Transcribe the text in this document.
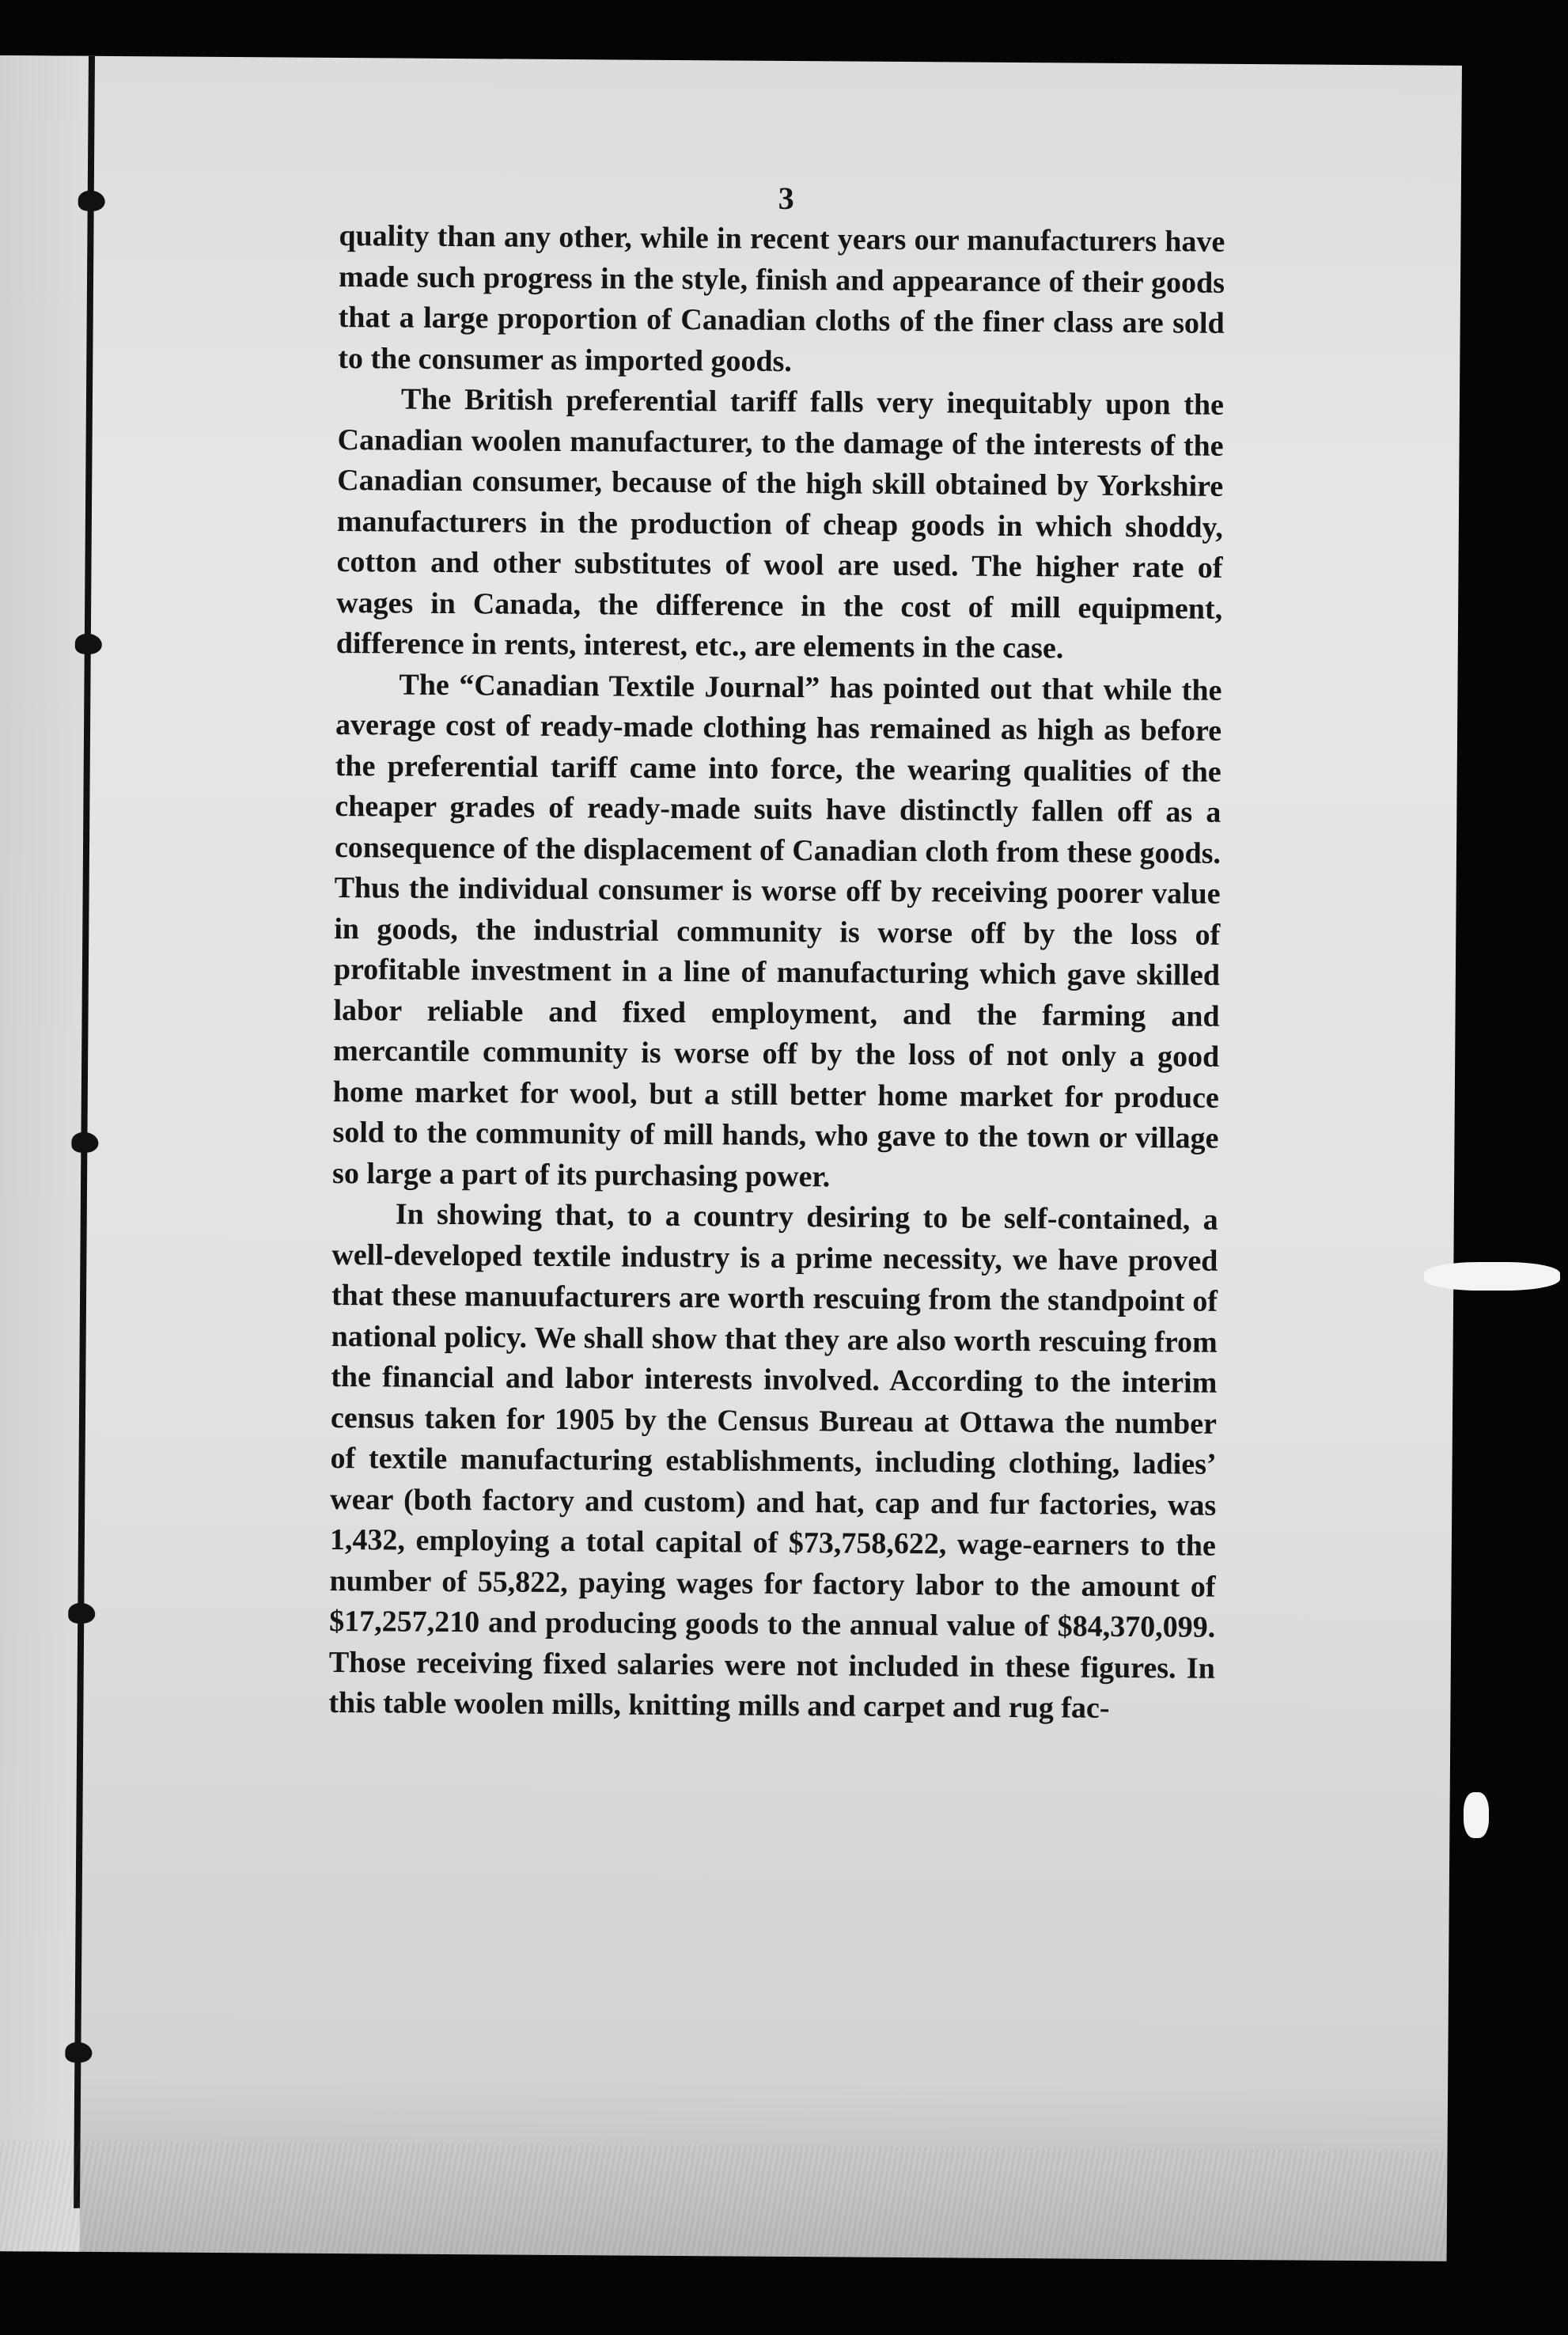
3

quality than any other, while in recent years our manufacturers have made such progress in the style, finish and appearance of their goods that a large proportion of Canadian cloths of the finer class are sold to the consumer as imported goods.

The British preferential tariff falls very inequitably upon the Canadian woolen manufacturer, to the damage of the interests of the Canadian consumer, because of the high skill obtained by Yorkshire manufacturers in the production of cheap goods in which shoddy, cotton and other substitutes of wool are used. The higher rate of wages in Canada, the difference in the cost of mill equipment, difference in rents, interest, etc., are elements in the case.

The “Canadian Textile Journal” has pointed out that while the average cost of ready-made clothing has remained as high as before the preferential tariff came into force, the wearing qualities of the cheaper grades of ready-made suits have distinctly fallen off as a consequence of the displacement of Canadian cloth from these goods. Thus the individual consumer is worse off by receiving poorer value in goods, the industrial community is worse off by the loss of profitable investment in a line of manufacturing which gave skilled labor reliable and fixed employment, and the farming and mercantile community is worse off by the loss of not only a good home market for wool, but a still better home market for produce sold to the community of mill hands, who gave to the town or village so large a part of its purchasing power.

In showing that, to a country desiring to be self-contained, a well-developed textile industry is a prime necessity, we have proved that these manuufacturers are worth rescuing from the standpoint of national policy. We shall show that they are also worth rescuing from the financial and labor interests involved. According to the interim census taken for 1905 by the Census Bureau at Ottawa the number of textile manufacturing establishments, including clothing, ladies’ wear (both factory and custom) and hat, cap and fur factories, was 1,432, employing a total capital of $73,758,622, wage-earners to the number of 55,822, paying wages for factory labor to the amount of $17,257,210 and producing goods to the annual value of $84,370,099. Those receiving fixed salaries were not included in these figures. In this table woolen mills, knitting mills and carpet and rug fac-
